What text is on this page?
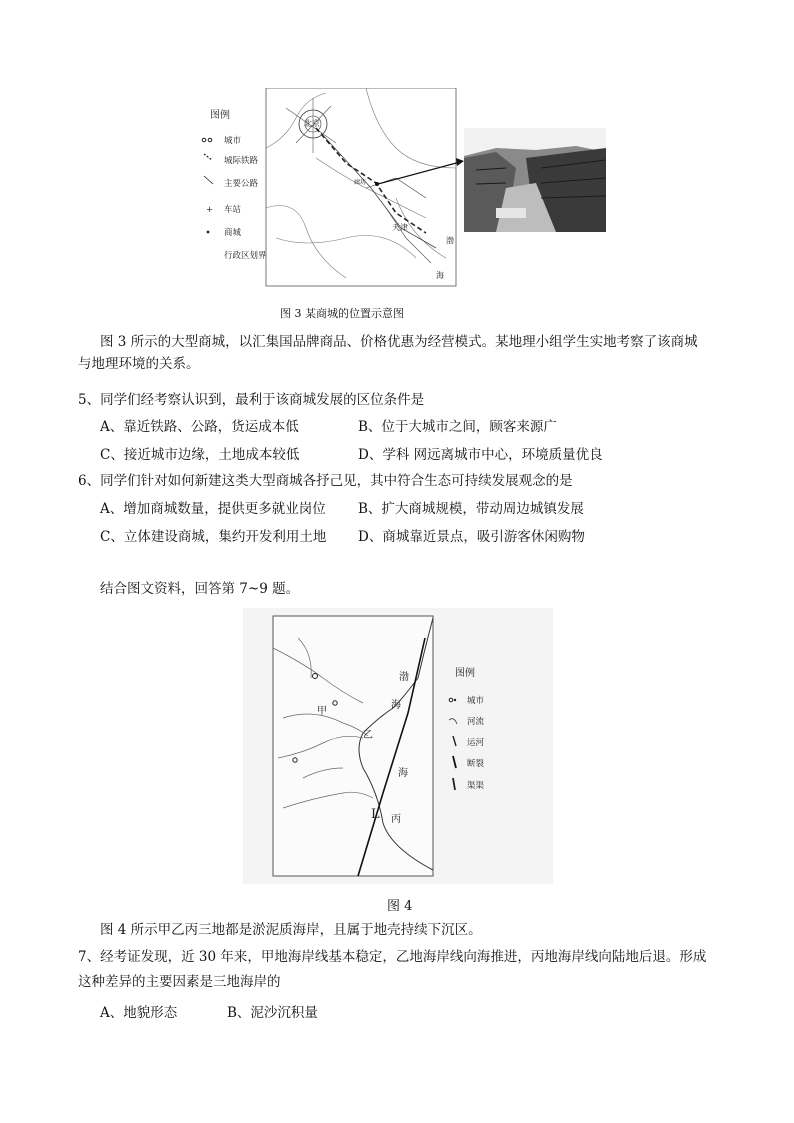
图例
城市
城际铁路
主要公路
+ 车站
商城
行政区划界
北京
廊坊
天津
渤
海
图 3 某商城的位置示意图
图 3 所示的大型商城，以汇集国品牌商品、价格优惠为经营模式。某地理小组学生实地考察了该商城
与地理环境的关系。
5、同学们经考察认识到，最利于该商城发展的区位条件是
A、靠近铁路、公路，货运成本低	B、位于大城市之间，顾客来源广
C、接近城市边缘，土地成本较低	D、学科 网远离城市中心，环境质量优良
6、同学们针对如何新建这类大型商城各抒己见，其中符合生态可持续发展观念的是
A、增加商城数量，提供更多就业岗位 B、扩大商城规模，带动周边城镇发展
C、立体建设商城，集约开发利用土地 D、商城靠近景点，吸引游客休闲购物
结合图文资料，回答第 7~9 题。
甲
乙
丙
L
渤
海
海
图例
城市
河流
运河
断裂
渠渠
图 4
图 4 所示甲乙丙三地都是淤泥质海岸，且属于地壳持续下沉区。
7、经考证发现，近 30 年来，甲地海岸线基本稳定，乙地海岸线向海推进，丙地海岸线向陆地后退。形成
这种差异的主要因素是三地海岸的
A、地貌形态	B、泥沙沉积量
